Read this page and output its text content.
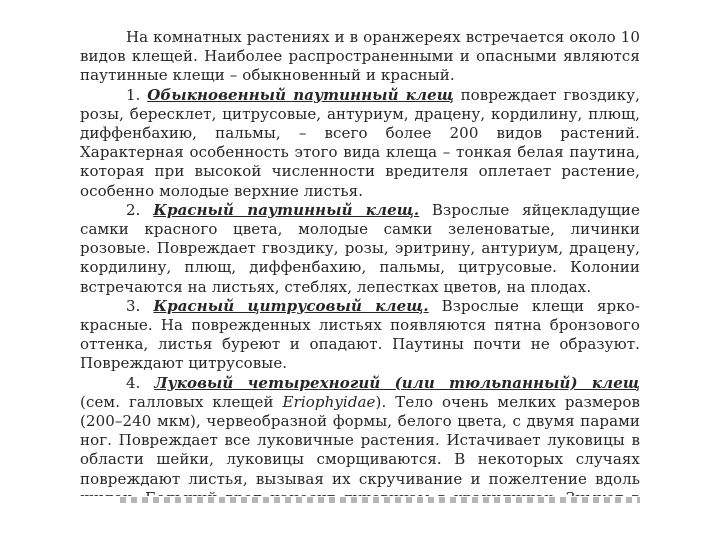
На комнатных растениях и в оранжереях встречается около 10 видов клещей. Наиболее распространенными и опасными являются паутинные клещи – обыкновенный и красный.

1. Обыкновенный паутинный клещ повреждает гвоздику, розы, бересклет, цитрусовые, антуриум, драцену, кордилину, плющ, диффенбахию, пальмы, – всего более 200 видов растений. Характерная особенность этого вида клеща – тонкая белая паутина, которая при высокой численности вредителя оплетает растение, особенно молодые верхние листья.

2. Красный паутинный клещ. Взрослые яйцекладущие самки красного цвета, молодые самки зеленоватые, личинки розовые. Повреждает гвоздику, розы, эритрину, антуриум, драцену, кордилину, плющ, диффенбахию, пальмы, цитрусовые. Колонии встречаются на листьях, стеблях, лепестках цветов, на плодах.

3. Красный цитрусовый клещ. Взрослые клещи ярко-красные. На поврежденных листьях появляются пятна бронзового оттенка, листья буреют и опадают. Паутины почти не образуют. Повреждают цитрусовые.

4. Луковый четырехногий (или тюльпанный) клещ (сем. галловых клещей Eriophyidae). Тело очень мелких размеров (200–240 мкм), червеобразной формы, белого цвета, с двумя парами ног. Повреждает все луковичные растения. Истачивает луковицы в области шейки, луковицы сморщиваются. В некоторых случаях повреждают листья, вызывая их скручивание и пожелтение вдоль
